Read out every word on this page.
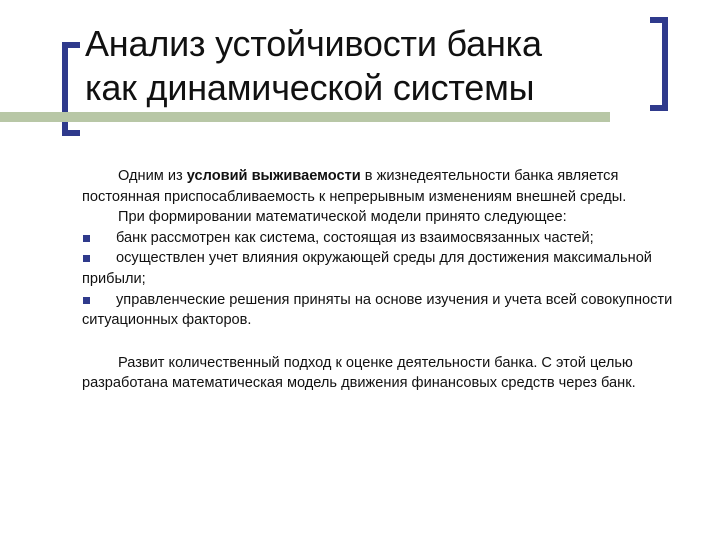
Анализ устойчивости банка
как динамической системы

Одним из условий выживаемости в жизнедеятельности банка является постоянная приспосабливаемость к непрерывным изменениям внешней среды.

При формировании математической модели принято следующее:

банк рассмотрен как система, состоящая из взаимосвязанных частей;
осуществлен учет влияния окружающей среды для достижения максимальной прибыли;
управленческие решения приняты на основе изучения и учета всей совокупности ситуационных факторов.

Развит количественный подход к оценке деятельности банка. С этой целью разработана математическая модель движения финансовых средств через банк.
